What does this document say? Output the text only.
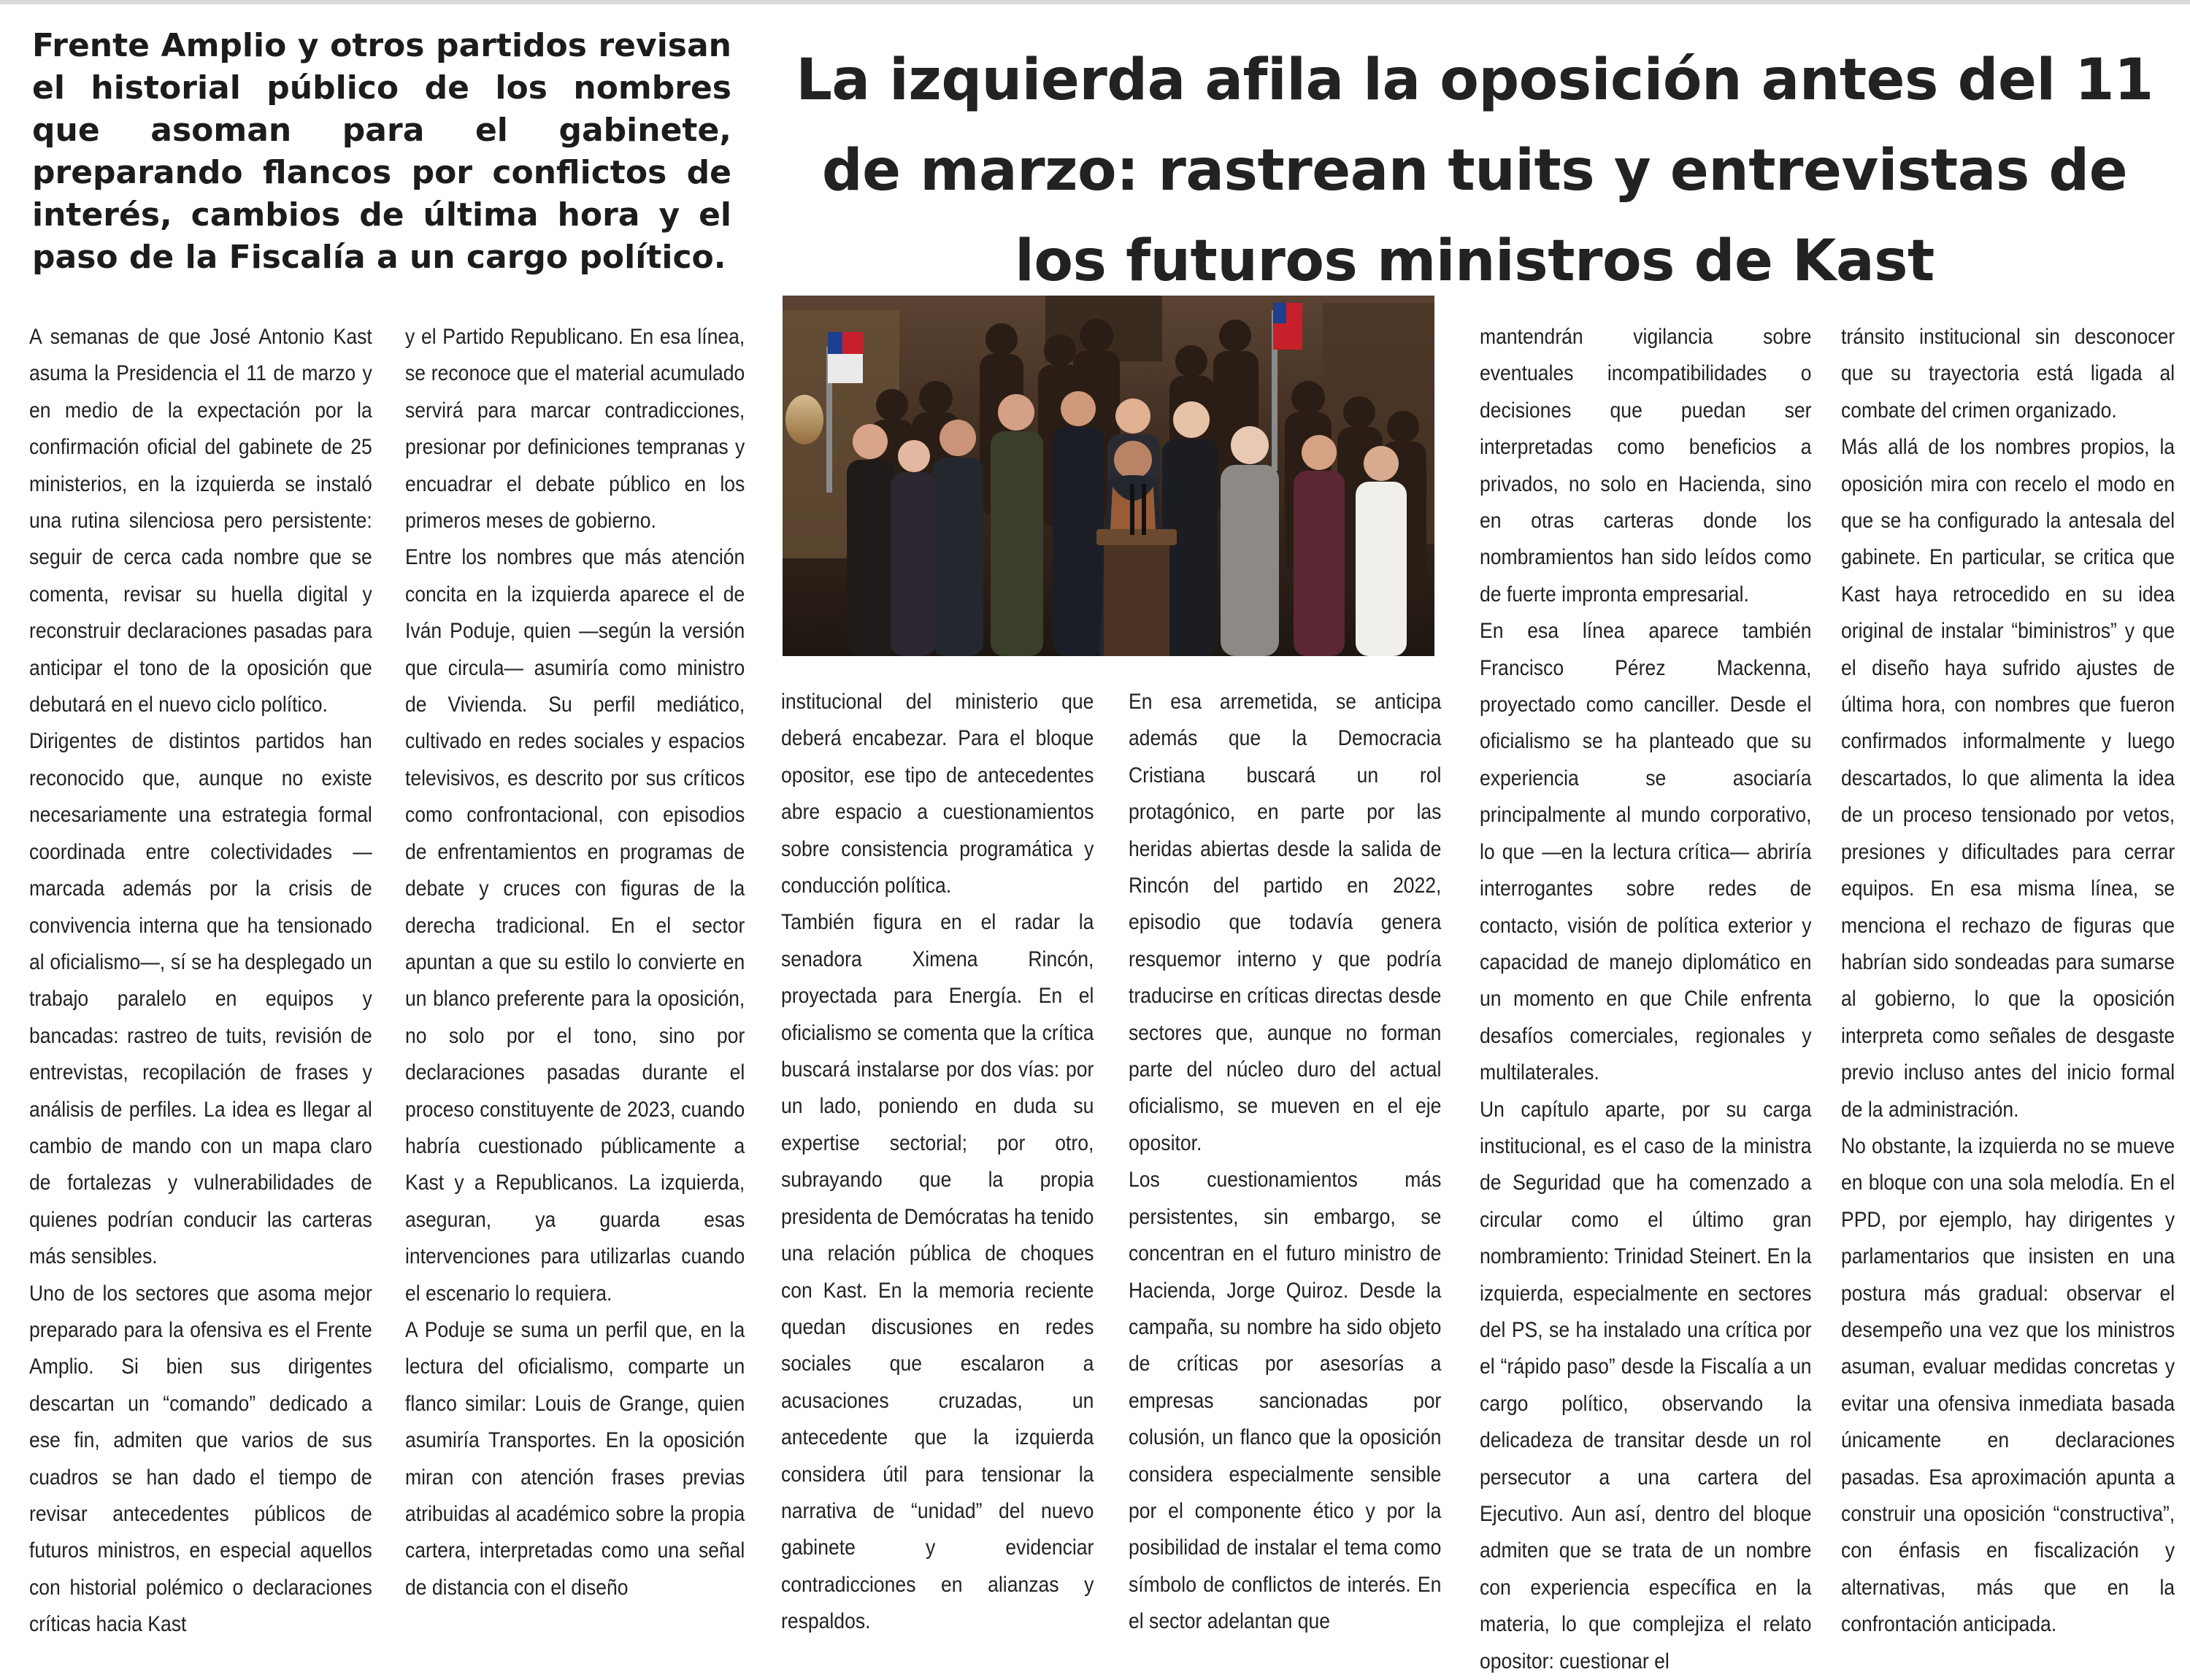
Frente Amplio y otros partidos revisan el historial público de los nombres que asoman para el gabinete, preparando flancos por conflictos de interés, cambios de última hora y el paso de la Fiscalía a un cargo político.
La izquierda afila la oposición antes del 11 de marzo: rastrean tuits y entrevistas de los futuros ministros de Kast

A semanas de que José Antonio Kast asuma la Presidencia el 11 de marzo y en medio de la expectación por la confirmación oficial del gabinete de 25 ministerios, en la izquierda se instaló una rutina silenciosa pero persistente: seguir de cerca cada nombre que se comenta, revisar su huella digital y reconstruir declaraciones pasadas para anticipar el tono de la oposición que debutará en el nuevo ciclo político.

Dirigentes de distintos partidos han reconocido que, aunque no existe necesariamente una estrategia formal coordinada entre colectividades —marcada además por la crisis de convivencia interna que ha tensionado al oficialismo—, sí se ha desplegado un trabajo paralelo en equipos y bancadas: rastreo de tuits, revisión de entrevistas, recopilación de frases y análisis de perfiles. La idea es llegar al cambio de mando con un mapa claro de fortalezas y vulnerabilidades de quienes podrían conducir las carteras más sensibles.

Uno de los sectores que asoma mejor preparado para la ofensiva es el Frente Amplio. Si bien sus dirigentes descartan un “comando” dedicado a ese fin, admiten que varios de sus cuadros se han dado el tiempo de revisar antecedentes públicos de futuros ministros, en especial aquellos con historial polémico o declaraciones críticas hacia Kast

y el Partido Republicano. En esa línea, se reconoce que el material acumulado servirá para marcar contradicciones, presionar por definiciones tempranas y encuadrar el debate público en los primeros meses de gobierno.

Entre los nombres que más atención concita en la izquierda aparece el de Iván Poduje, quien —según la versión que circula— asumiría como ministro de Vivienda. Su perfil mediático, cultivado en redes sociales y espacios televisivos, es descrito por sus críticos como confrontacional, con episodios de enfrentamientos en programas de debate y cruces con figuras de la derecha tradicional. En el sector apuntan a que su estilo lo convierte en un blanco preferente para la oposición, no solo por el tono, sino por declaraciones pasadas durante el proceso constituyente de 2023, cuando habría cuestionado públicamente a Kast y a Republicanos. La izquierda, aseguran, ya guarda esas intervenciones para utilizarlas cuando el escenario lo requiera.

A Poduje se suma un perfil que, en la lectura del oficialismo, comparte un flanco similar: Louis de Grange, quien asumiría Transportes. En la oposición miran con atención frases previas atribuidas al académico sobre la propia cartera, interpretadas como una señal de distancia con el diseño

institucional del ministerio que deberá encabezar. Para el bloque opositor, ese tipo de antecedentes abre espacio a cuestionamientos sobre consistencia programática y conducción política.

También figura en el radar la senadora Ximena Rincón, proyectada para Energía. En el oficialismo se comenta que la crítica buscará instalarse por dos vías: por un lado, poniendo en duda su expertise sectorial; por otro, subrayando que la propia presidenta de Demócratas ha tenido una relación pública de choques con Kast. En la memoria reciente quedan discusiones en redes sociales que escalaron a acusaciones cruzadas, un antecedente que la izquierda considera útil para tensionar la narrativa de “unidad” del nuevo gabinete y evidenciar contradicciones en alianzas y respaldos.

En esa arremetida, se anticipa además que la Democracia Cristiana buscará un rol protagónico, en parte por las heridas abiertas desde la salida de Rincón del partido en 2022, episodio que todavía genera resquemor interno y que podría traducirse en críticas directas desde sectores que, aunque no forman parte del núcleo duro del actual oficialismo, se mueven en el eje opositor.

Los cuestionamientos más persistentes, sin embargo, se concentran en el futuro ministro de Hacienda, Jorge Quiroz. Desde la campaña, su nombre ha sido objeto de críticas por asesorías a empresas sancionadas por colusión, un flanco que la oposición considera especialmente sensible por el componente ético y por la posibilidad de instalar el tema como símbolo de conflictos de interés. En el sector adelantan que

mantendrán vigilancia sobre eventuales incompatibilidades o decisiones que puedan ser interpretadas como beneficios a privados, no solo en Hacienda, sino en otras carteras donde los nombramientos han sido leídos como de fuerte impronta empresarial.

En esa línea aparece también Francisco Pérez Mackenna, proyectado como canciller. Desde el oficialismo se ha planteado que su experiencia se asociaría principalmente al mundo corporativo, lo que —en la lectura crítica— abriría interrogantes sobre redes de contacto, visión de política exterior y capacidad de manejo diplomático en un momento en que Chile enfrenta desafíos comerciales, regionales y multilaterales.

Un capítulo aparte, por su carga institucional, es el caso de la ministra de Seguridad que ha comenzado a circular como el último gran nombramiento: Trinidad Steinert. En la izquierda, especialmente en sectores del PS, se ha instalado una crítica por el “rápido paso” desde la Fiscalía a un cargo político, observando la delicadeza de transitar desde un rol persecutor a una cartera del Ejecutivo. Aun así, dentro del bloque admiten que se trata de un nombre con experiencia específica en la materia, lo que complejiza el relato opositor: cuestionar el

tránsito institucional sin desconocer que su trayectoria está ligada al combate del crimen organizado.

Más allá de los nombres propios, la oposición mira con recelo el modo en que se ha configurado la antesala del gabinete. En particular, se critica que Kast haya retrocedido en su idea original de instalar “biministros” y que el diseño haya sufrido ajustes de última hora, con nombres que fueron confirmados informalmente y luego descartados, lo que alimenta la idea de un proceso tensionado por vetos, presiones y dificultades para cerrar equipos. En esa misma línea, se menciona el rechazo de figuras que habrían sido sondeadas para sumarse al gobierno, lo que la oposición interpreta como señales de desgaste previo incluso antes del inicio formal de la administración.

No obstante, la izquierda no se mueve en bloque con una sola melodía. En el PPD, por ejemplo, hay dirigentes y parlamentarios que insisten en una postura más gradual: observar el desempeño una vez que los ministros asuman, evaluar medidas concretas y evitar una ofensiva inmediata basada únicamente en declaraciones pasadas. Esa aproximación apunta a construir una oposición “constructiva”, con énfasis en fiscalización y alternativas, más que en la confrontación anticipada.
